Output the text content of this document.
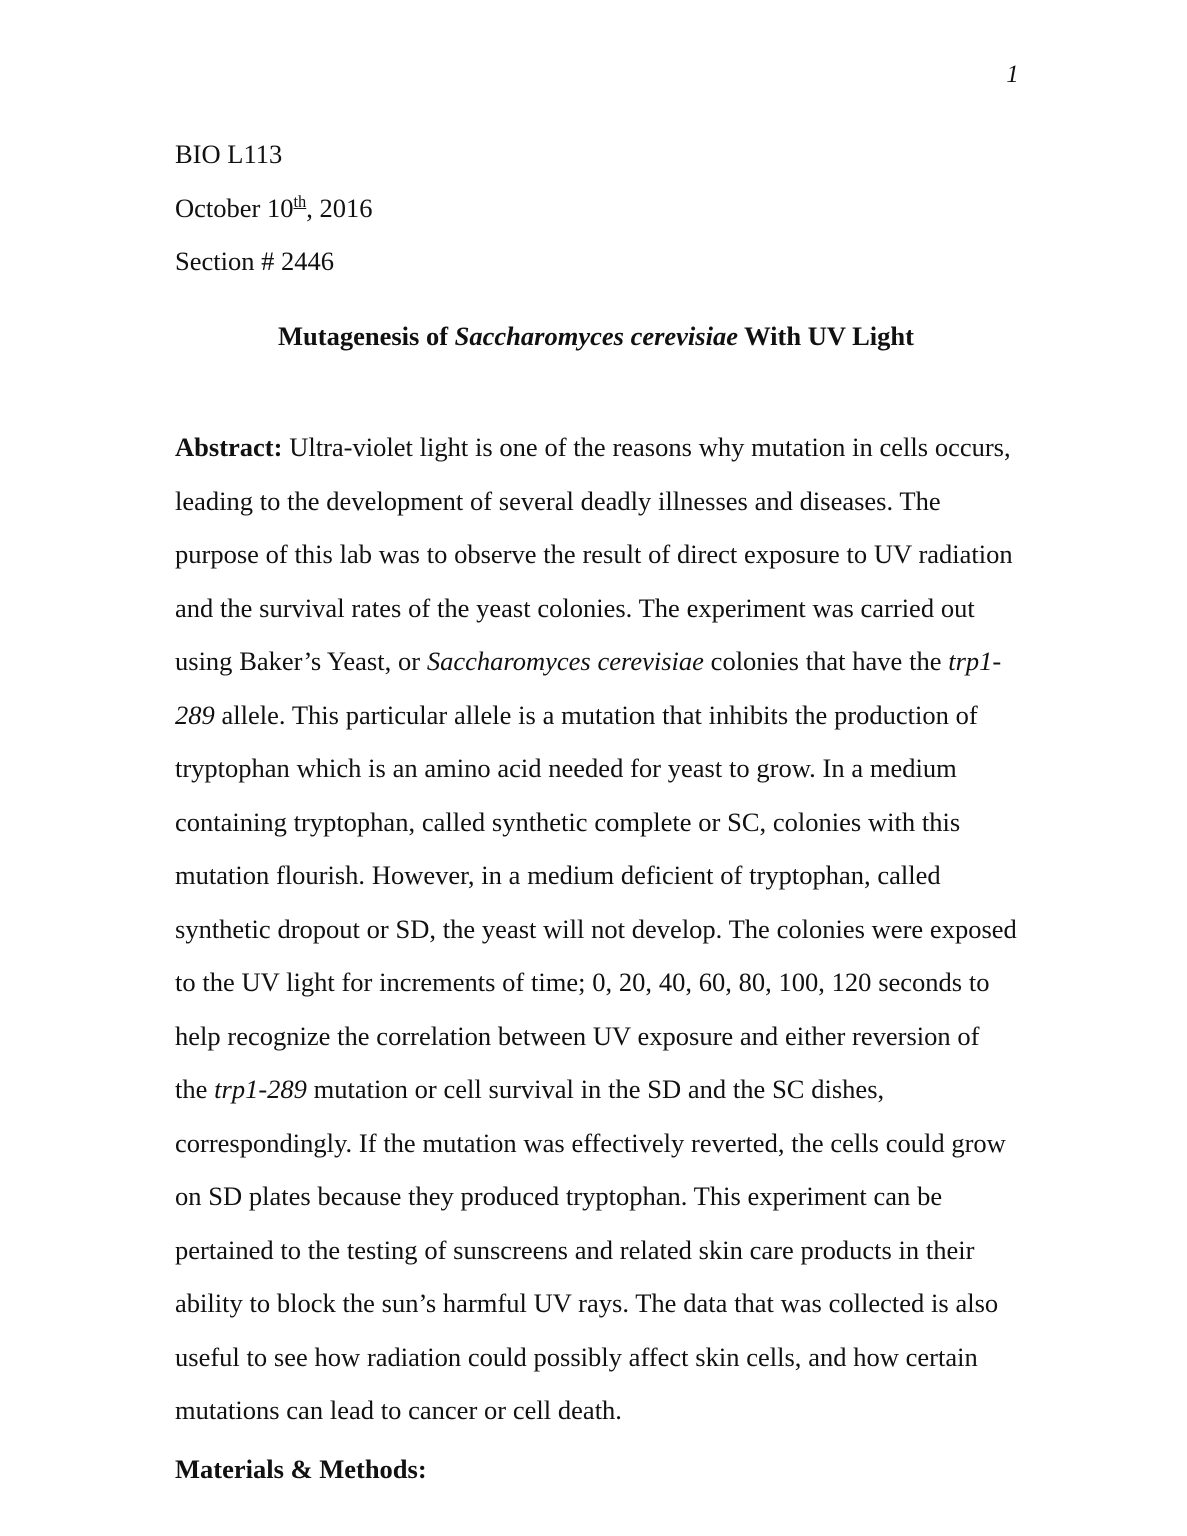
1
BIO L113
October 10th, 2016
Section # 2446
Mutagenesis of Saccharomyces cerevisiae With UV Light
Abstract: Ultra-violet light is one of the reasons why mutation in cells occurs, leading to the development of several deadly illnesses and diseases. The purpose of this lab was to observe the result of direct exposure to UV radiation and the survival rates of the yeast colonies. The experiment was carried out using Baker’s Yeast, or Saccharomyces cerevisiae colonies that have the trp1-289 allele. This particular allele is a mutation that inhibits the production of tryptophan which is an amino acid needed for yeast to grow. In a medium containing tryptophan, called synthetic complete or SC, colonies with this mutation flourish. However, in a medium deficient of tryptophan, called synthetic dropout or SD, the yeast will not develop. The colonies were exposed to the UV light for increments of time; 0, 20, 40, 60, 80, 100, 120 seconds to help recognize the correlation between UV exposure and either reversion of the trp1-289 mutation or cell survival in the SD and the SC dishes, correspondingly. If the mutation was effectively reverted, the cells could grow on SD plates because they produced tryptophan. This experiment can be pertained to the testing of sunscreens and related skin care products in their ability to block the sun’s harmful UV rays. The data that was collected is also useful to see how radiation could possibly affect skin cells, and how certain mutations can lead to cancer or cell death.
Materials & Methods:
